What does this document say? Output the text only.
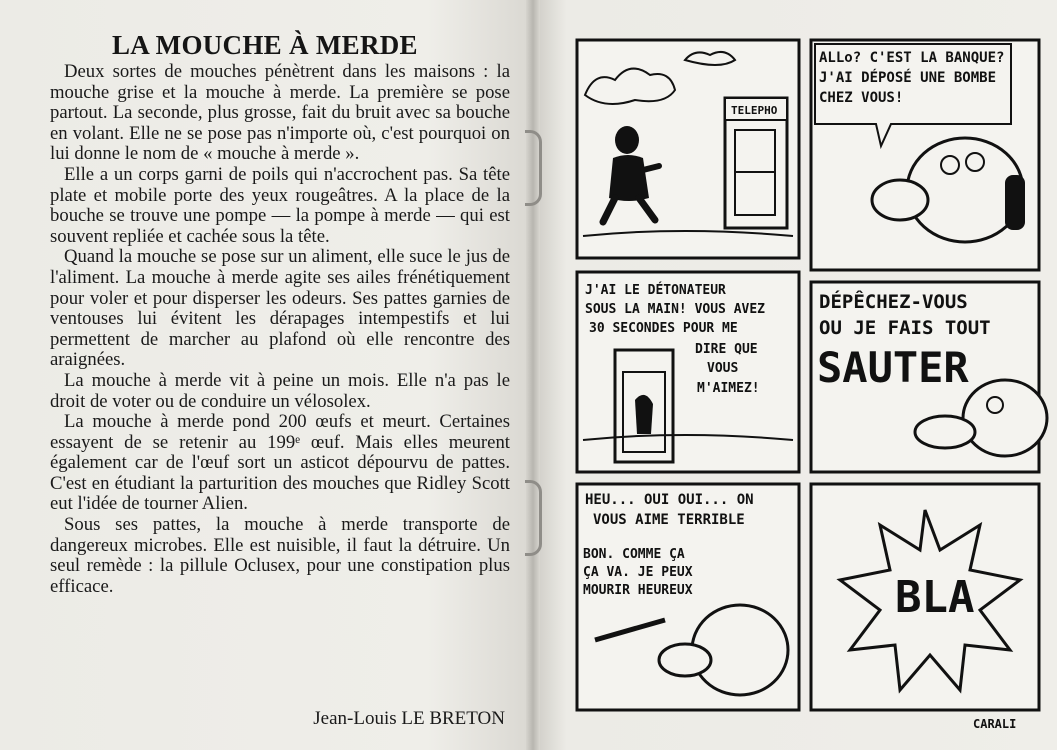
LA MOUCHE À MERDE

Deux sortes de mouches pénètrent dans les maisons : la mouche grise et la mouche à merde. La première se pose partout. La seconde, plus grosse, fait du bruit avec sa bouche en volant. Elle ne se pose pas n'importe où, c'est pourquoi on lui donne le nom de « mouche à merde ».

Elle a un corps garni de poils qui n'accrochent pas. Sa tête plate et mobile porte des yeux rougeâtres. A la place de la bouche se trouve une pompe — la pompe à merde — qui est souvent repliée et cachée sous la tête.

Quand la mouche se pose sur un aliment, elle suce le jus de l'aliment. La mouche à merde agite ses ailes frénétiquement pour voler et pour disperser les odeurs. Ses pattes garnies de ventouses lui évitent les dérapages intempestifs et lui permettent de marcher au plafond où elle rencontre des araignées.

La mouche à merde vit à peine un mois. Elle n'a pas le droit de voter ou de conduire un vélosolex.

La mouche à merde pond 200 œufs et meurt. Certaines essayent de se retenir au 199ᵉ œuf. Mais elles meurent également car de l'œuf sort un asticot dépourvu de pattes. C'est en étudiant la parturition des mouches que Ridley Scott eut l'idée de tourner Alien.

Sous ses pattes, la mouche à merde transporte de dangereux microbes. Elle est nuisible, il faut la détruire. Un seul remède : la pillule Oclusex, pour une constipation plus efficace.

Jean-Louis LE BRETON

TELEPHO
ALLo? C'EST LA BANQUE? J'AI DÉPOSÉ UNE BOMBE CHEZ VOUS!
J'AI LE DÉTONATEUR SOUS LA MAIN! VOUS AVEZ 30 SECONDES POUR ME DIRE QUE VOUS M'AIMEZ!
DÉPÊCHEZ-VOUS OU JE FAIS TOUT
SAUTER
HEU... OUI OUI... ON VOUS AIME TERRIBLE
BON. COMME ÇA ÇA VA. JE PEUX MOURIR HEUREUX	BLA
CARALI
